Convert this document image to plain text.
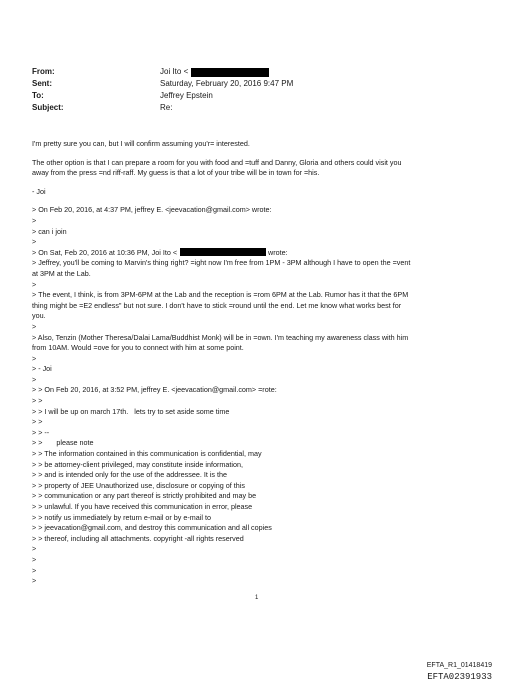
From:	Joi Ito <
Sent:	Saturday, February 20, 2016 9:47 PM
To:	Jeffrey Epstein
Subject:	Re:
I'm pretty sure you can, but I will confirm assuming you'r= interested.
The other option is that I can prepare a room for you with food and =tuff and Danny, Gloria and others could visit you
away from the press =nd riff-raff. My guess is that a lot of your tribe will be in town for =his.
- Joi
> On Feb 20, 2016, at 4:37 PM, jeffrey E. <jeevacation@gmail.com> wrote:
>
> can i join
>
> On Sat, Feb 20, 2016 at 10:36 PM, Joi Ito <	wrote:
> Jeffrey, you'll be coming to Marvin's thing right? =ight now I'm free from 1PM - 3PM although I have to open the =vent
at 3PM at the Lab.
>
> The event, I think, is from 3PM-6PM at the Lab and the reception is =rom 6PM at the Lab. Rumor has it that the 6PM
thing might be =E2 endless" but not sure. I don't have to stick =round until the end. Let me know what works best for
you.
>
> Also, Tenzin (Mother Theresa/Dalai Lama/Buddhist Monk) will be in =own. I'm teaching my awareness class with him
from 10AM. Would =ove for you to connect with him at some point.
>
> - Joi
>
> > On Feb 20, 2016, at 3:52 PM, jeffrey E. <jeevacation@gmail.com> =rote:
> >
> > I will be up on march 17th.   lets try to set aside some time
> >
> > --
> >       please note
> > The information contained in this communication is confidential, may
> > be attorney-client privileged, may constitute inside information,
> > and is intended only for the use of the addressee. It is the
> > property of JEE Unauthorized use, disclosure or copying of this
> > communication or any part thereof is strictly prohibited and may be
> > unlawful. If you have received this communication in error, please
> > notify us immediately by return e-mail or by e-mail to
> > jeevacation@gmail.com, and destroy this communication and all copies
> > thereof, including all attachments. copyright -all rights reserved
>
>
>
>
1
EFTA_R1_01418419
EFTA02391933
